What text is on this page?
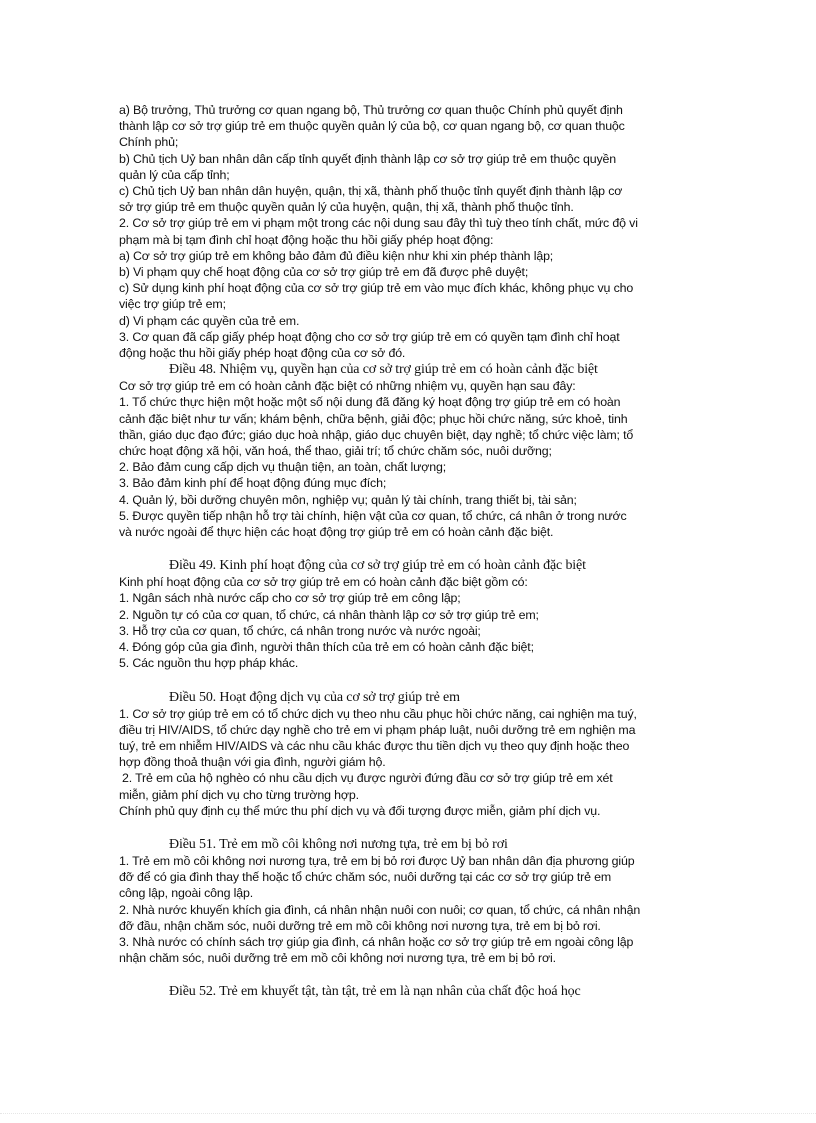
a) Bộ trưởng, Thủ trưởng cơ quan ngang bộ, Thủ trưởng cơ quan thuộc Chính phủ quyết định

thành lập cơ sở trợ giúp trẻ em thuộc quyền quản lý của bộ, cơ quan ngang bộ, cơ quan thuộc

Chính phủ;

b) Chủ tịch Uỷ ban nhân dân cấp tỉnh quyết định thành lập cơ sở trợ giúp trẻ em thuộc quyền

quản lý của cấp tỉnh;

c) Chủ tịch Uỷ ban nhân dân huyện, quận, thị xã, thành phố thuộc tỉnh quyết định thành lập cơ

sở trợ giúp trẻ em thuộc quyền quản lý của huyện, quận, thị xã, thành phố thuộc tỉnh.

2. Cơ sở trợ giúp trẻ em vi phạm một trong các nội dung sau đây thì tuỳ theo tính chất, mức độ vi

phạm mà bị tạm đình chỉ hoạt động hoặc thu hồi giấy phép hoạt động:

a) Cơ sở trợ giúp trẻ em không bảo đảm đủ điều kiện như khi xin phép thành lập;

b) Vi phạm quy chế hoạt động của cơ sở trợ giúp trẻ em đã được phê duyệt;

c) Sử dụng kinh phí hoạt động của cơ sở trợ giúp trẻ em vào mục đích khác, không phục vụ cho

việc trợ giúp trẻ em;

d) Vi phạm các quyền của trẻ em.

3. Cơ quan đã cấp giấy phép hoạt động cho cơ sở trợ giúp trẻ em có quyền tạm đình chỉ hoạt

động hoặc thu hồi giấy phép hoạt động của cơ sở đó.

Điều 48. Nhiệm vụ, quyền hạn của cơ sở trợ giúp trẻ em có hoàn cảnh đặc biệt

Cơ sở trợ giúp trẻ em có hoàn cảnh đặc biệt có những nhiệm vụ, quyền hạn sau đây:

1. Tổ chức thực hiện một hoặc một số nội dung đã đăng ký hoạt động trợ giúp trẻ em có hoàn

cảnh đặc biệt như tư vấn; khám bệnh, chữa bệnh, giải độc; phục hồi chức năng, sức khoẻ, tinh

thần, giáo dục đạo đức; giáo dục hoà nhập, giáo dục chuyên biệt, dạy nghề; tổ chức việc làm; tổ

chức hoạt động xã hội, văn hoá, thể thao, giải trí; tổ chức chăm sóc, nuôi dưỡng;

2. Bảo đảm cung cấp dịch vụ thuận tiện, an toàn, chất lượng;

3. Bảo đảm kinh phí để hoạt động đúng mục đích;

4. Quản lý, bồi dưỡng chuyên môn, nghiệp vụ; quản lý tài chính, trang thiết bị, tài sản;

5. Được quyền tiếp nhận hỗ trợ tài chính, hiện vật của cơ quan, tổ chức, cá nhân ở trong nước

và nước ngoài để thực hiện các hoạt động trợ giúp trẻ em có hoàn cảnh đặc biệt.

Điều 49. Kinh phí hoạt động của cơ sở trợ giúp trẻ em có hoàn cảnh đặc biệt

Kinh phí hoạt động của cơ sở trợ giúp trẻ em có hoàn cảnh đặc biệt gồm có:

1. Ngân sách nhà nước cấp cho cơ sở trợ giúp trẻ em công lập;

2. Nguồn tự có của cơ quan, tổ chức, cá nhân thành lập cơ sở trợ giúp trẻ em;

3. Hỗ trợ của cơ quan, tổ chức, cá nhân trong nước và nước ngoài;

4. Đóng góp của gia đình, người thân thích của trẻ em có hoàn cảnh đặc biệt;

5. Các nguồn thu hợp pháp khác.

Điều 50. Hoạt động dịch vụ của cơ sở trợ giúp trẻ em

1. Cơ sở trợ giúp trẻ em có tổ chức dịch vụ theo nhu cầu phục hồi chức năng, cai nghiện ma tuý,

điều trị HIV/AIDS, tổ chức dạy nghề cho trẻ em vi phạm pháp luật, nuôi dưỡng trẻ em nghiện ma

tuý, trẻ em nhiễm HIV/AIDS và các nhu cầu khác được thu tiền dịch vụ theo quy định hoặc theo

hợp đồng thoả thuận với gia đình, người giám hộ.

2. Trẻ em của hộ nghèo có nhu cầu dịch vụ được người đứng đầu cơ sở trợ giúp trẻ em xét

miễn, giảm phí dịch vụ cho từng trường hợp.

Chính phủ quy định cụ thể mức thu phí dịch vụ và đối tượng được miễn, giảm phí dịch vụ.

Điều 51. Trẻ em mồ côi không nơi nương tựa, trẻ em bị bỏ rơi

1. Trẻ em mồ côi không nơi nương tựa, trẻ em bị bỏ rơi được Uỷ ban nhân dân địa phương giúp

đỡ để có gia đình thay thế hoặc tổ chức chăm sóc, nuôi dưỡng tại các cơ sở trợ giúp trẻ em

công lập, ngoài công lập.

2. Nhà nước khuyến khích gia đình, cá nhân nhận nuôi con nuôi; cơ quan, tổ chức, cá nhân nhận

đỡ đầu, nhận chăm sóc, nuôi dưỡng trẻ em mồ côi không nơi nương tựa, trẻ em bị bỏ rơi.

3. Nhà nước có chính sách trợ giúp gia đình, cá nhân hoặc cơ sở trợ giúp trẻ em ngoài công lập

nhận chăm sóc, nuôi dưỡng trẻ em mồ côi không nơi nương tựa, trẻ em bị bỏ rơi.

Điều 52. Trẻ em khuyết tật, tàn tật, trẻ em là nạn nhân của chất độc hoá học
